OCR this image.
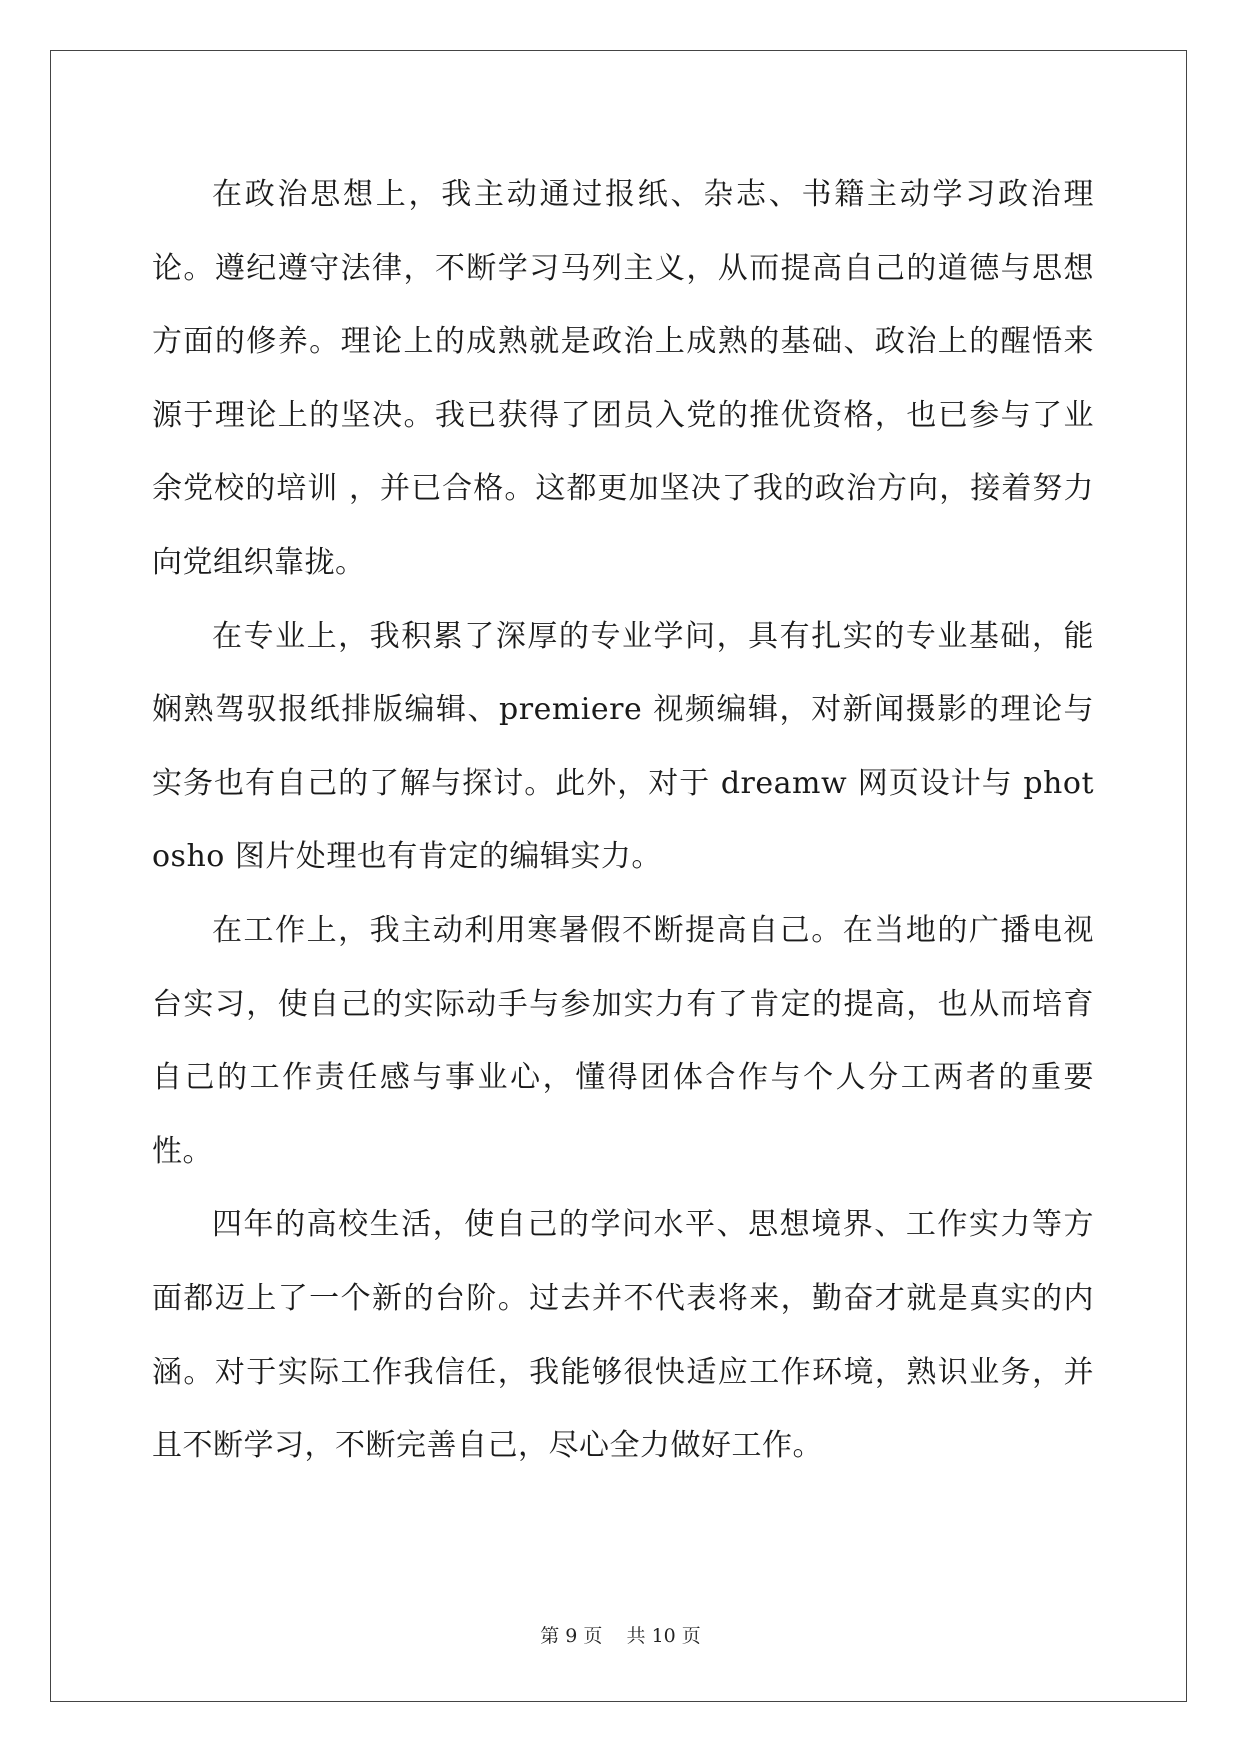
在政治思想上，我主动通过报纸、杂志、书籍主动学习政治理论。遵纪遵守法律，不断学习马列主义，从而提高自己的道德与思想方面的修养。理论上的成熟就是政治上成熟的基础、政治上的醒悟来源于理论上的坚决。我已获得了团员入党的推优资格，也已参与了业余党校的培训 ，并已合格。这都更加坚决了我的政治方向，接着努力向党组织靠拢。

在专业上，我积累了深厚的专业学问，具有扎实的专业基础，能娴熟驾驭报纸排版编辑、premiere 视频编辑，对新闻摄影的理论与实务也有自己的了解与探讨。此外，对于 dreamw 网页设计与 photosho 图片处理也有肯定的编辑实力。

在工作上，我主动利用寒暑假不断提高自己。在当地的广播电视台实习，使自己的实际动手与参加实力有了肯定的提高，也从而培育自己的工作责任感与事业心，懂得团体合作与个人分工两者的重要性。

四年的高校生活，使自己的学问水平、思想境界、工作实力等方面都迈上了一个新的台阶。过去并不代表将来，勤奋才就是真实的内涵。对于实际工作我信任，我能够很快适应工作环境，熟识业务，并且不断学习，不断完善自己，尽心全力做好工作。

第 9 页 共 10 页
